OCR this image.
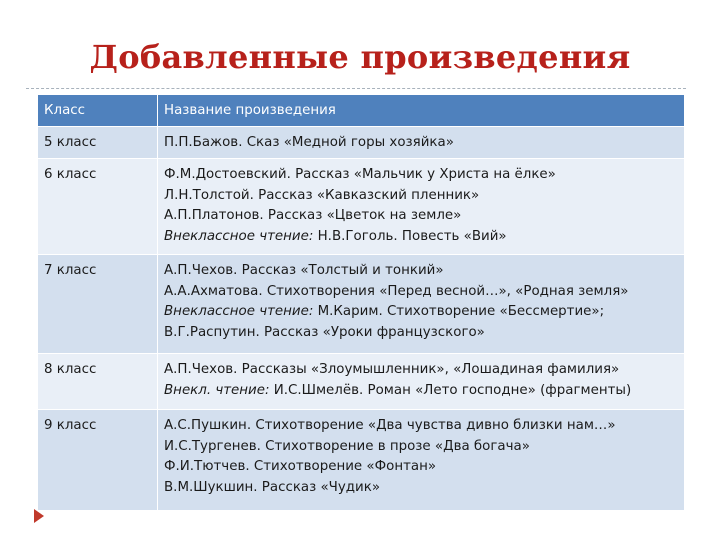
Добавленные произведения
Класс	Название произведения
5 класс	П.П.Бажов. Сказ «Медной горы хозяйка»

6 класс	Ф.М.Достоевский. Рассказ «Мальчик у Христа на ёлке»
Л.Н.Толстой. Рассказ «Кавказский пленник»
А.П.Платонов. Рассказ «Цветок на земле»
Внеклассное чтение: Н.В.Гоголь. Повесть «Вий»

7 класс	А.П.Чехов. Рассказ «Толстый и тонкий»
А.А.Ахматова. Стихотворения «Перед весной…», «Родная земля»
Внеклассное чтение: М.Карим. Стихотворение «Бессмертие»;
В.Г.Распутин. Рассказ «Уроки французского»

8 класс	А.П.Чехов. Рассказы «Злоумышленник», «Лошадиная фамилия»
Внекл. чтение: И.С.Шмелёв. Роман «Лето господне» (фрагменты)

9 класс	А.С.Пушкин. Стихотворение «Два чувства дивно близки нам…»
И.С.Тургенев. Стихотворение в прозе «Два богача»
Ф.И.Тютчев. Стихотворение «Фонтан»
В.М.Шукшин. Рассказ «Чудик»
